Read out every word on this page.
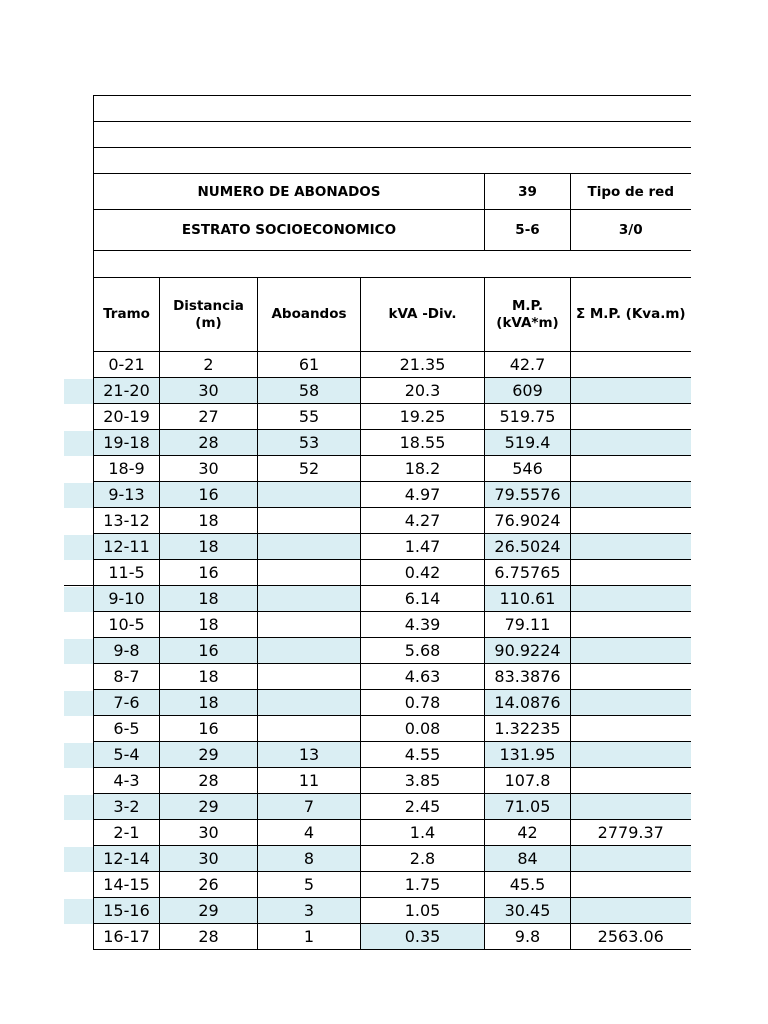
NUMERO DE ABONADOS				39	Tipo de red
ESTRATO SOCIOECONOMICO				5-6	3/0

Tramo	Distancia (m)	Aboandos	kVA -Div.	M.P. (kVA*m)	Σ M.P. (Kva.m)
0-21	2	61	21.35	42.7	
21-20	30	58	20.3	609	
20-19	27	55	19.25	519.75	
19-18	28	53	18.55	519.4	
18-9	30	52	18.2	546	
9-13	16		4.97	79.5576	
13-12	18		4.27	76.9024	
12-11	18		1.47	26.5024	
11-5	16		0.42	6.75765	
9-10	18		6.14	110.61	
10-5	18		4.39	79.11	
9-8	16		5.68	90.9224	
8-7	18		4.63	83.3876	
7-6	18		0.78	14.0876	
6-5	16		0.08	1.32235	
5-4	29	13	4.55	131.95	
4-3	28	11	3.85	107.8	
3-2	29	7	2.45	71.05	
2-1	30	4	1.4	42	2779.37
12-14	30	8	2.8	84	
14-15	26	5	1.75	45.5	
15-16	29	3	1.05	30.45	
16-17	28	1	0.35	9.8	2563.06
